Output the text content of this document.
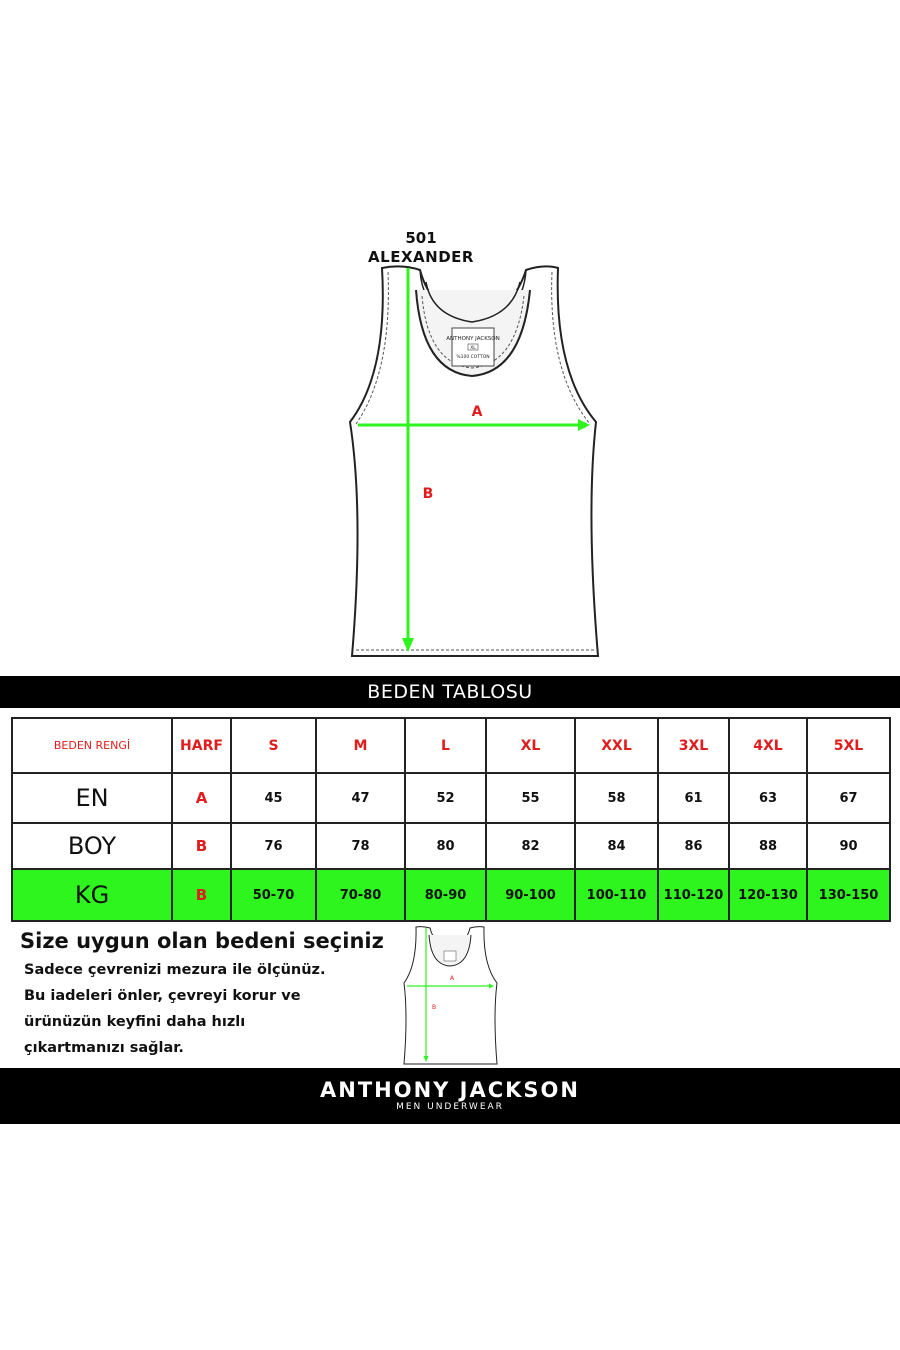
501
ALEXANDER
ANTHONY JACKSON
XL
%100 COTTON
A
B
BEDEN TABLOSU
BEDEN RENGİ	HARF	S	M	L	XL	XXL	3XL	4XL	5XL
EN	A	45	47	52	55	58	61	63	67
BOY	B	76	78	80	82	84	86	88	90
KG	B	50-70	70-80	80-90	90-100	100-110	110-120	120-130	130-150
Size uygun olan bedeni seçiniz
Sadece çevrenizi mezura ile ölçünüz.
Bu iadeleri önler, çevreyi korur ve
ürünüzün keyfini daha hızlı
çıkartmanızı sağlar.
A
B
ANTHONY JACKSON
MEN UNDERWEAR
